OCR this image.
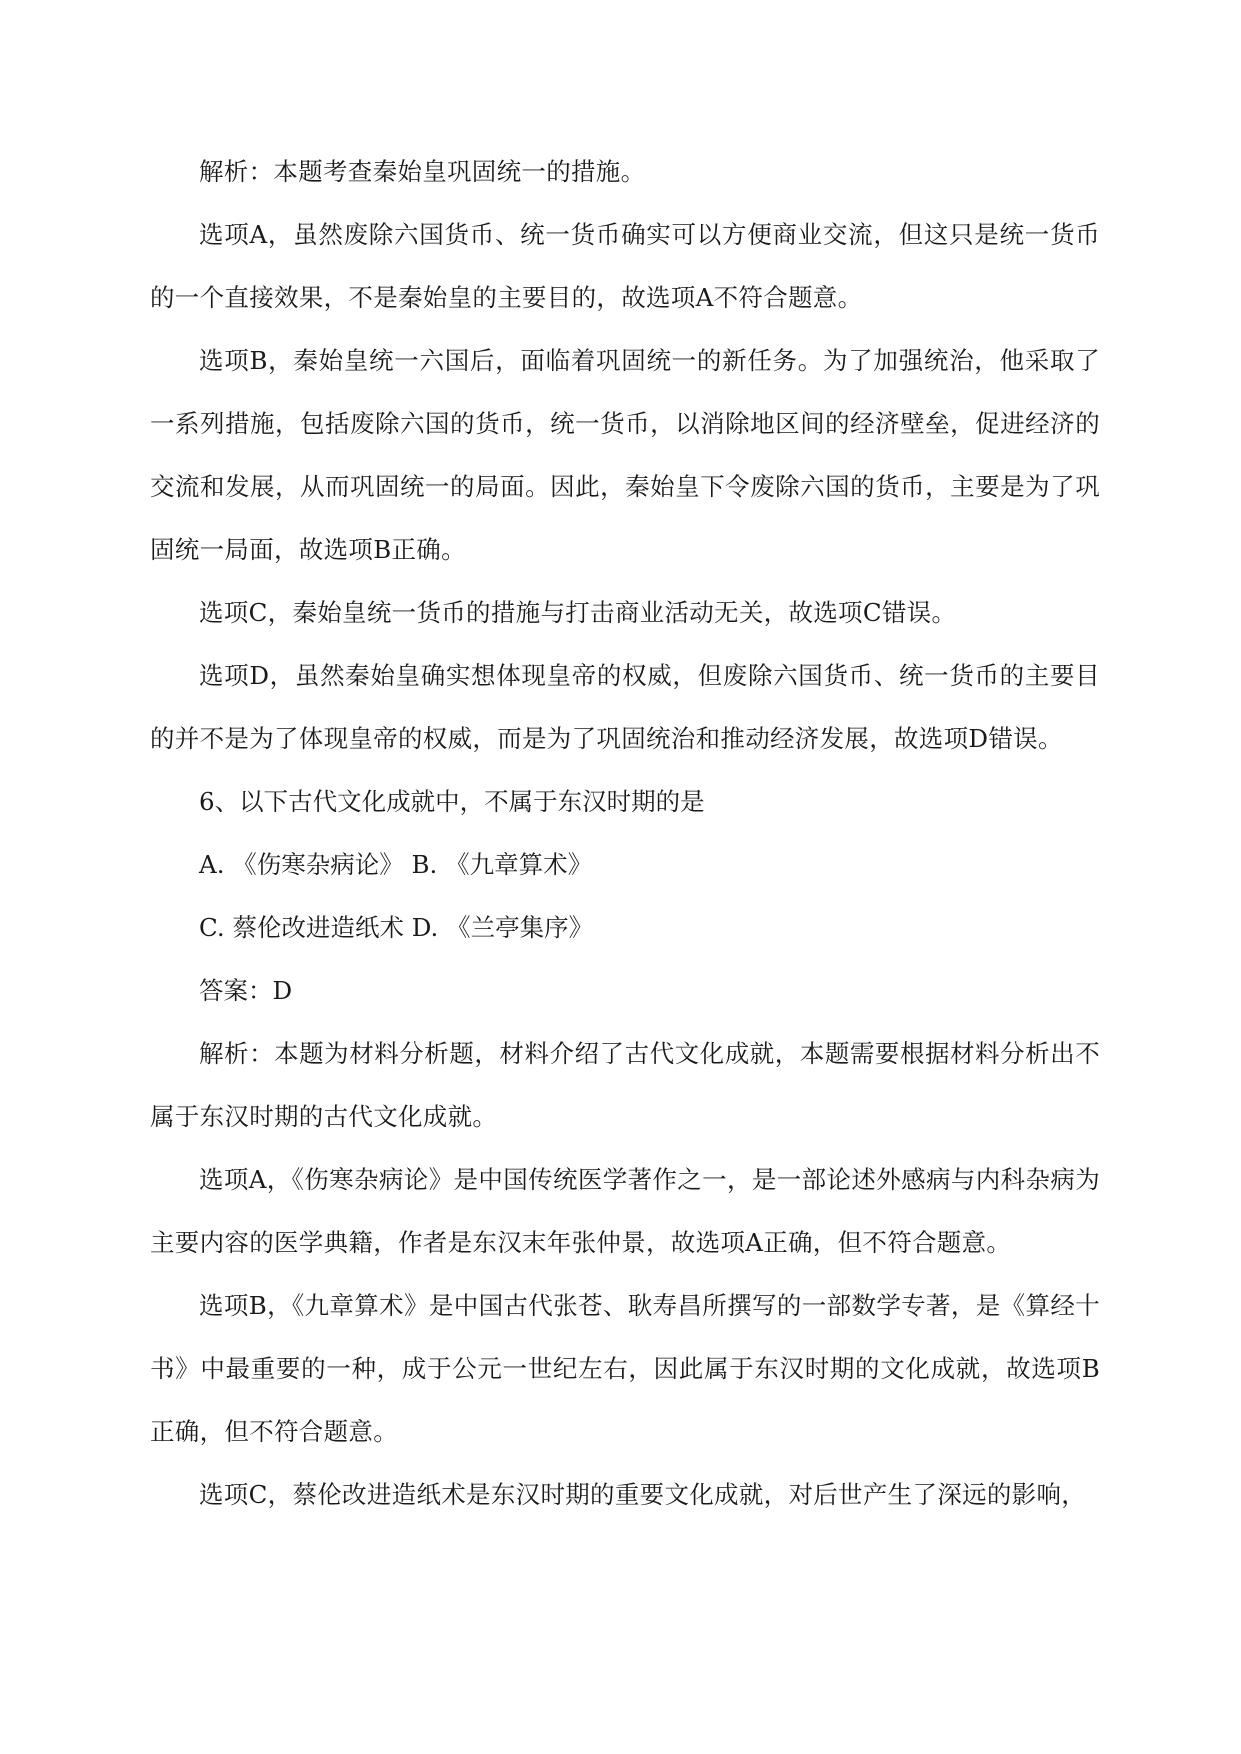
解析：本题考查秦始皇巩固统一的措施。

选项A，虽然废除六国货币、统一货币确实可以方便商业交流，但这只是统一货币的一个直接效果，不是秦始皇的主要目的，故选项A不符合题意。

选项B，秦始皇统一六国后，面临着巩固统一的新任务。为了加强统治，他采取了一系列措施，包括废除六国的货币，统一货币，以消除地区间的经济壁垒，促进经济的交流和发展，从而巩固统一的局面。因此，秦始皇下令废除六国的货币，主要是为了巩固统一局面，故选项B正确。

选项C，秦始皇统一货币的措施与打击商业活动无关，故选项C错误。

选项D，虽然秦始皇确实想体现皇帝的权威，但废除六国货币、统一货币的主要目的并不是为了体现皇帝的权威，而是为了巩固统治和推动经济发展，故选项D错误。

6、以下古代文化成就中，不属于东汉时期的是

A. 《伤寒杂病论》 B. 《九章算术》

C. 蔡伦改进造纸术 D. 《兰亭集序》

答案：D

解析：本题为材料分析题，材料介绍了古代文化成就，本题需要根据材料分析出不属于东汉时期的古代文化成就。

选项A，《伤寒杂病论》是中国传统医学著作之一，是一部论述外感病与内科杂病为主要内容的医学典籍，作者是东汉末年张仲景，故选项A正确，但不符合题意。

选项B，《九章算术》是中国古代张苍、耿寿昌所撰写的一部数学专著，是《算经十书》中最重要的一种，成于公元一世纪左右，因此属于东汉时期的文化成就，故选项B正确，但不符合题意。

选项C，蔡伦改进造纸术是东汉时期的重要文化成就，对后世产生了深远的影响，
